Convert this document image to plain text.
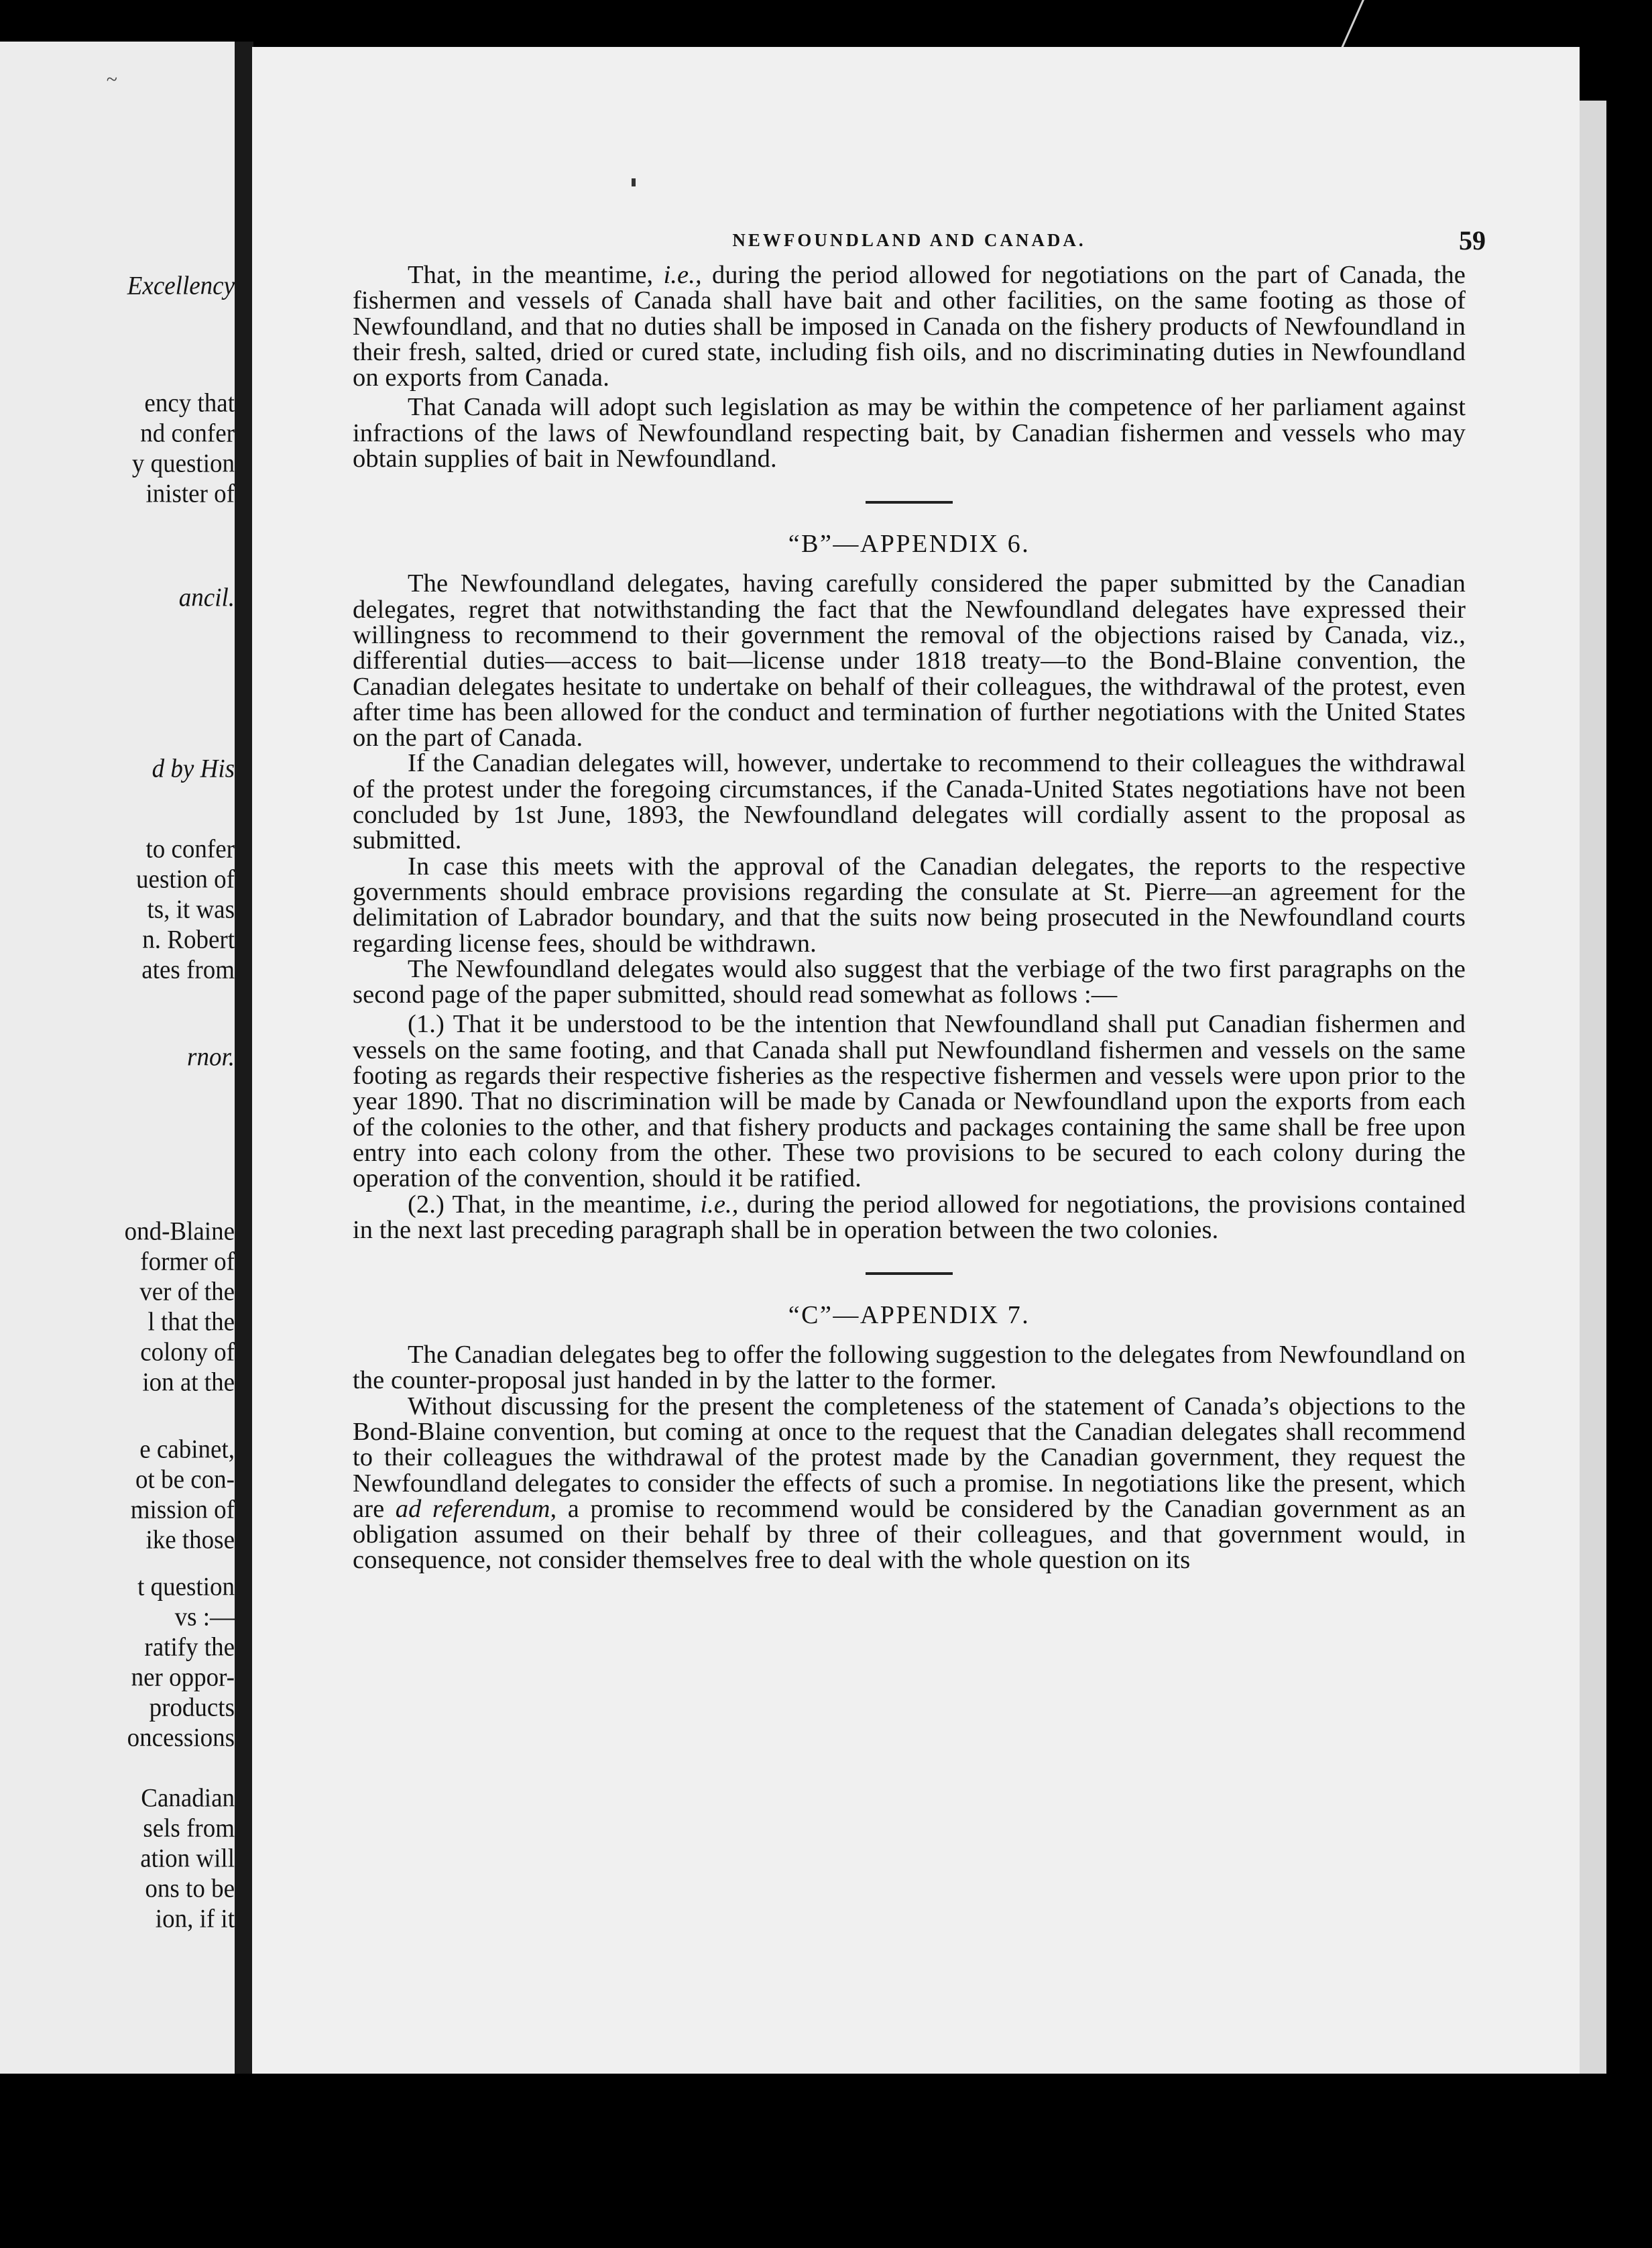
~
Excellency
ency that
nd confer
y question
inister of
ancil.
d by His
to confer
uestion of
ts, it was
n. Robert
ates from
rnor.
ond-Blaine
former of
ver of the
l that the
colony of
ion at the
e cabinet,
ot be con-
mission of
ike those
t question
vs :—
ratify the
ner oppor-
products
oncessions
Canadian
sels from
ation will
ons to be
ion, if it
NEWFOUNDLAND AND CANADA.	59

That, in the meantime, i.e., during the period allowed for negotiations on the part of Canada, the fishermen and vessels of Canada shall have bait and other facilities, on the same footing as those of Newfoundland, and that no duties shall be imposed in Canada on the fishery products of Newfoundland in their fresh, salted, dried or cured state, including fish oils, and no discriminating duties in Newfoundland on exports from Canada.

That Canada will adopt such legislation as may be within the competence of her parliament against infractions of the laws of Newfoundland respecting bait, by Canadian fishermen and vessels who may obtain supplies of bait in Newfoundland.

“B”—APPENDIX 6.

The Newfoundland delegates, having carefully considered the paper submitted by the Canadian delegates, regret that notwithstanding the fact that the Newfoundland delegates have expressed their willingness to recommend to their government the removal of the objections raised by Canada, viz., differential duties—access to bait—license under 1818 treaty—to the Bond-Blaine convention, the Canadian delegates hesitate to undertake on behalf of their colleagues, the withdrawal of the protest, even after time has been allowed for the conduct and termination of further negotiations with the United States on the part of Canada.

If the Canadian delegates will, however, undertake to recommend to their colleagues the withdrawal of the protest under the foregoing circumstances, if the Canada-United States negotiations have not been concluded by 1st June, 1893, the Newfoundland delegates will cordially assent to the proposal as submitted.

In case this meets with the approval of the Canadian delegates, the reports to the respective governments should embrace provisions regarding the consulate at St. Pierre—an agreement for the delimitation of Labrador boundary, and that the suits now being prosecuted in the Newfoundland courts regarding license fees, should be withdrawn.

The Newfoundland delegates would also suggest that the verbiage of the two first paragraphs on the second page of the paper submitted, should read somewhat as follows :—

(1.) That it be understood to be the intention that Newfoundland shall put Canadian fishermen and vessels on the same footing, and that Canada shall put Newfoundland fishermen and vessels on the same footing as regards their respective fisheries as the respective fishermen and vessels were upon prior to the year 1890. That no discrimination will be made by Canada or Newfoundland upon the exports from each of the colonies to the other, and that fishery products and packages containing the same shall be free upon entry into each colony from the other. These two provisions to be secured to each colony during the operation of the convention, should it be ratified.

(2.) That, in the meantime, i.e., during the period allowed for negotiations, the provisions contained in the next last preceding paragraph shall be in operation between the two colonies.

“C”—APPENDIX 7.

The Canadian delegates beg to offer the following suggestion to the delegates from Newfoundland on the counter-proposal just handed in by the latter to the former.

Without discussing for the present the completeness of the statement of Canada’s objections to the Bond-Blaine convention, but coming at once to the request that the Canadian delegates shall recommend to their colleagues the withdrawal of the protest made by the Canadian government, they request the Newfoundland delegates to consider the effects of such a promise. In negotiations like the present, which are ad referendum, a promise to recommend would be considered by the Canadian government as an obligation assumed on their behalf by three of their colleagues, and that government would, in consequence, not consider themselves free to deal with the whole question on its
